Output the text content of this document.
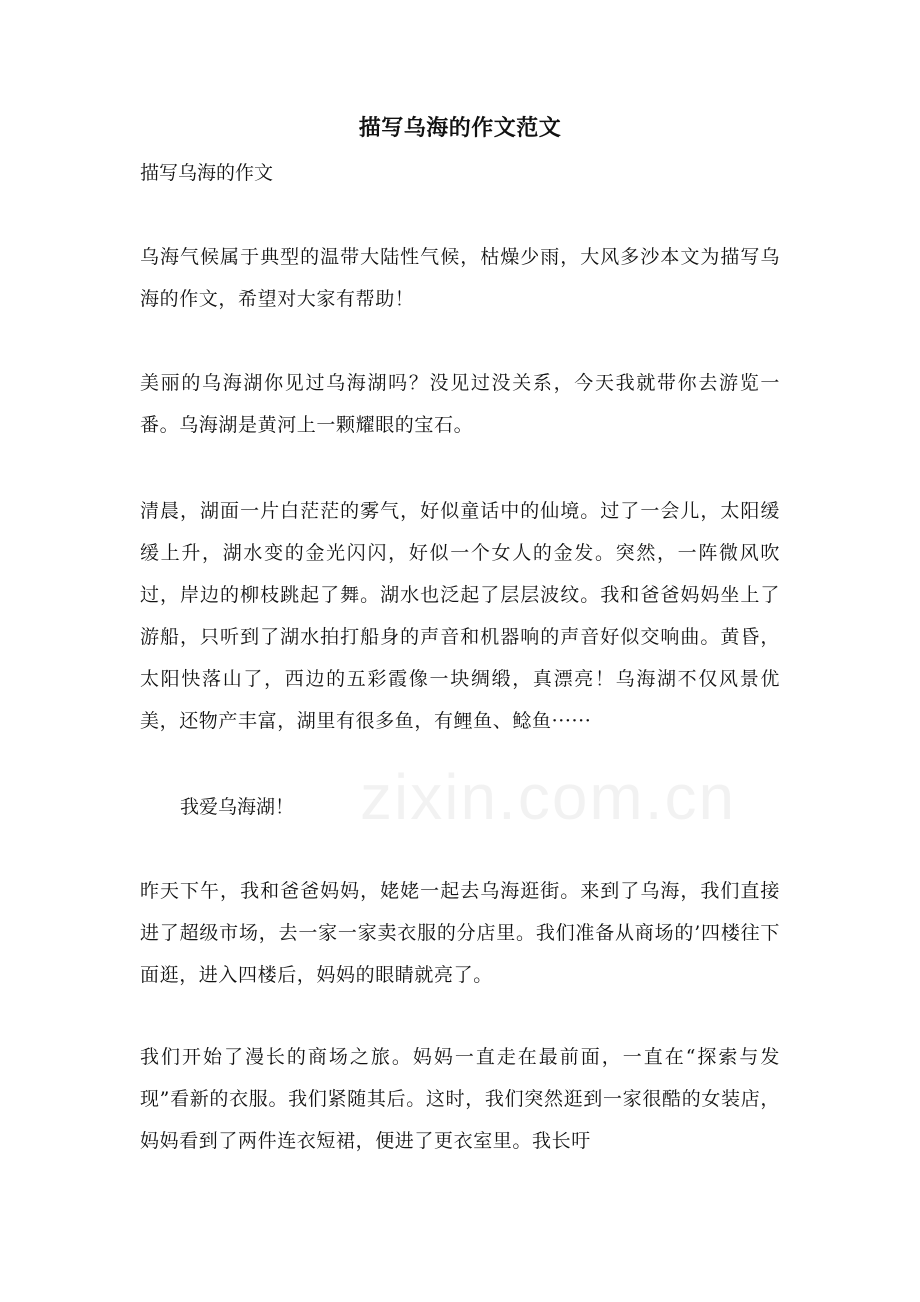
zixin.com.cn
描写乌海的作文范文
描写乌海的作文

乌海气候属于典型的温带大陆性气候，枯燥少雨，大风多沙本文为描写乌海的作文，希望对大家有帮助！

美丽的乌海湖你见过乌海湖吗？没见过没关系，今天我就带你去游览一番。乌海湖是黄河上一颗耀眼的宝石。

清晨，湖面一片白茫茫的雾气，好似童话中的仙境。过了一会儿，太阳缓缓上升，湖水变的金光闪闪，好似一个女人的金发。突然，一阵微风吹过，岸边的柳枝跳起了舞。湖水也泛起了层层波纹。我和爸爸妈妈坐上了游船，只听到了湖水拍打船身的声音和机器响的声音好似交响曲。黄昏，太阳快落山了，西边的五彩霞像一块绸缎，真漂亮！乌海湖不仅风景优美，还物产丰富，湖里有很多鱼，有鲤鱼、鲶鱼······

我爱乌海湖！

昨天下午，我和爸爸妈妈，姥姥一起去乌海逛街。来到了乌海，我们直接进了超级市场，去一家一家卖衣服的分店里。我们准备从商场的’四楼往下面逛，进入四楼后，妈妈的眼睛就亮了。

我们开始了漫长的商场之旅。妈妈一直走在最前面，一直在“探索与发现”看新的衣服。我们紧随其后。这时，我们突然逛到一家很酷的女装店，妈妈看到了两件连衣短裙，便进了更衣室里。我长吁
